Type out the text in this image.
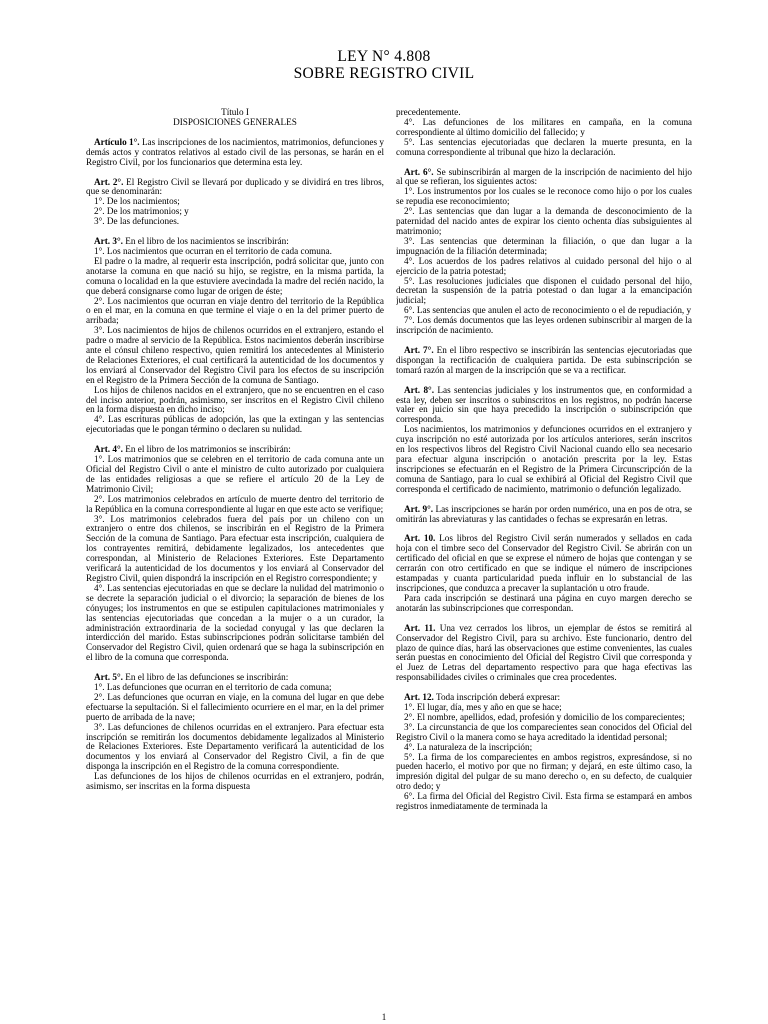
LEY N° 4.808
SOBRE REGISTRO CIVIL

Título I

DISPOSICIONES GENERALES

Artículo 1°. Las inscripciones de los nacimientos, matrimonios, defunciones y demás actos y contratos relativos al estado civil de las personas, se harán en el Registro Civil, por los funcionarios que determina esta ley.

Art. 2°. El Registro Civil se llevará por duplicado y se dividirá en tres libros, que se denominarán:

1°. De los nacimientos;

2°. De los matrimonios; y

3°. De las defunciones.

Art. 3°. En el libro de los nacimientos se inscribirán:

1°. Los nacimientos que ocurran en el territorio de cada comuna.

El padre o la madre, al requerir esta inscripción, podrá solicitar que, junto con anotarse la comuna en que nació su hijo, se registre, en la misma partida, la comuna o localidad en la que estuviere avecindada la madre del recién nacido, la que deberá consignarse como lugar de origen de éste;

2°. Los nacimientos que ocurran en viaje dentro del territorio de la República o en el mar, en la comuna en que termine el viaje o en la del primer puerto de arribada;

3°. Los nacimientos de hijos de chilenos ocurridos en el extranjero, estando el padre o madre al servicio de la República. Estos nacimientos deberán inscribirse ante el cónsul chileno respectivo, quien remitirá los antecedentes al Ministerio de Relaciones Exteriores, el cual certificará la autenticidad de los documentos y los enviará al Conservador del Registro Civil para los efectos de su inscripción en el Registro de la Primera Sección de la comuna de Santiago.

Los hijos de chilenos nacidos en el extranjero, que no se encuentren en el caso del inciso anterior, podrán, asimismo, ser inscritos en el Registro Civil chileno en la forma dispuesta en dicho inciso;

4°. Las escrituras públicas de adopción, las que la extingan y las sentencias ejecutoriadas que le pongan término o declaren su nulidad.

Art. 4°. En el libro de los matrimonios se inscribirán:

1°. Los matrimonios que se celebren en el territorio de cada comuna ante un Oficial del Registro Civil o ante el ministro de culto autorizado por cualquiera de las entidades religiosas a que se refiere el artículo 20 de la Ley de Matrimonio Civil;

2°. Los matrimonios celebrados en artículo de muerte dentro del territorio de la República en la comuna correspondiente al lugar en que este acto se verifique;

3°. Los matrimonios celebrados fuera del país por un chileno con un extranjero o entre dos chilenos, se inscribirán en el Registro de la Primera Sección de la comuna de Santiago. Para efectuar esta inscripción, cualquiera de los contrayentes remitirá, debidamente legalizados, los antecedentes que correspondan, al Ministerio de Relaciones Exteriores. Este Departamento verificará la autenticidad de los documentos y los enviará al Conservador del Registro Civil, quien dispondrá la inscripción en el Registro correspondiente; y

4°. Las sentencias ejecutoriadas en que se declare la nulidad del matrimonio o se decrete la separación judicial o el divorcio; la separación de bienes de los cónyuges; los instrumentos en que se estipulen capitulaciones matrimoniales y las sentencias ejecutoriadas que concedan a la mujer o a un curador, la administración extraordinaria de la sociedad conyugal y las que declaren la interdicción del marido. Estas subinscripciones podrán solicitarse también del Conservador del Registro Civil, quien ordenará que se haga la subinscripción en el libro de la comuna que corresponda.

Art. 5°. En el libro de las defunciones se inscribirán:

1°. Las defunciones que ocurran en el territorio de cada comuna;

2°. Las defunciones que ocurran en viaje, en la comuna del lugar en que debe efectuarse la sepultación. Si el fallecimiento ocurriere en el mar, en la del primer puerto de arribada de la nave;

3°. Las defunciones de chilenos ocurridas en el extranjero. Para efectuar esta inscripción se remitirán los documentos debidamente legalizados al Ministerio de Relaciones Exteriores. Este Departamento verificará la autenticidad de los documentos y los enviará al Conservador del Registro Civil, a fin de que disponga la inscripción en el Registro de la comuna correspondiente.

Las defunciones de los hijos de chilenos ocurridas en el extranjero, podrán, asimismo, ser inscritas en la forma dispuesta

precedentemente.

4°. Las defunciones de los militares en campaña, en la comuna correspondiente al último domicilio del fallecido; y

5°. Las sentencias ejecutoriadas que declaren la muerte presunta, en la comuna correspondiente al tribunal que hizo la declaración.

Art. 6°. Se subinscribirán al margen de la inscripción de nacimiento del hijo al que se refieran, los siguientes actos:

1°. Los instrumentos por los cuales se le reconoce como hijo o por los cuales se repudia ese reconocimiento;

2°. Las sentencias que dan lugar a la demanda de desconocimiento de la paternidad del nacido antes de expirar los ciento ochenta días subsiguientes al matrimonio;

3°. Las sentencias que determinan la filiación, o que dan lugar a la impugnación de la filiación determinada;

4°. Los acuerdos de los padres relativos al cuidado personal del hijo o al ejercicio de la patria potestad;

5°. Las resoluciones judiciales que disponen el cuidado personal del hijo, decretan la suspensión de la patria potestad o dan lugar a la emancipación judicial;

6°. Las sentencias que anulen el acto de reconocimiento o el de repudiación, y

7°. Los demás documentos que las leyes ordenen subinscribir al margen de la inscripción de nacimiento.

Art. 7°. En el libro respectivo se inscribirán las sentencias ejecutoriadas que dispongan la rectificación de cualquiera partida. De esta subinscripción se tomará razón al margen de la inscripción que se va a rectificar.

Art. 8°. Las sentencias judiciales y los instrumentos que, en conformidad a esta ley, deben ser inscritos o subinscritos en los registros, no podrán hacerse valer en juicio sin que haya precedido la inscripción o subinscripción que corresponda.

Los nacimientos, los matrimonios y defunciones ocurridos en el extranjero y cuya inscripción no esté autorizada por los artículos anteriores, serán inscritos en los respectivos libros del Registro Civil Nacional cuando ello sea necesario para efectuar alguna inscripción o anotación prescrita por la ley. Estas inscripciones se efectuarán en el Registro de la Primera Circunscripción de la comuna de Santiago, para lo cual se exhibirá al Oficial del Registro Civil que corresponda el certificado de nacimiento, matrimonio o defunción legalizado.

Art. 9°. Las inscripciones se harán por orden numérico, una en pos de otra, se omitirán las abreviaturas y las cantidades o fechas se expresarán en letras.

Art. 10. Los libros del Registro Civil serán numerados y sellados en cada hoja con el timbre seco del Conservador del Registro Civil. Se abrirán con un certificado del oficial en que se exprese el número de hojas que contengan y se cerrarán con otro certificado en que se indique el número de inscripciones estampadas y cuanta particularidad pueda influir en lo substancial de las inscripciones, que conduzca a precaver la suplantación u otro fraude.

Para cada inscripción se destinará una página en cuyo margen derecho se anotarán las subinscripciones que correspondan.

Art. 11. Una vez cerrados los libros, un ejemplar de éstos se remitirá al Conservador del Registro Civil, para su archivo. Este funcionario, dentro del plazo de quince días, hará las observaciones que estime convenientes, las cuales serán puestas en conocimiento del Oficial del Registro Civil que corresponda y el Juez de Letras del departamento respectivo para que haga efectivas las responsabilidades civiles o criminales que crea procedentes.

Art. 12. Toda inscripción deberá expresar:

1°. El lugar, día, mes y año en que se hace;

2°. El nombre, apellidos, edad, profesión y domicilio de los comparecientes;

3°. La circunstancia de que los comparecientes sean conocidos del Oficial del Registro Civil o la manera como se haya acreditado la identidad personal;

4°. La naturaleza de la inscripción;

5°. La firma de los comparecientes en ambos registros, expresándose, si no pueden hacerlo, el motivo por que no firman; y dejará, en este último caso, la impresión digital del pulgar de su mano derecho o, en su defecto, de cualquier otro dedo; y

6°. La firma del Oficial del Registro Civil. Esta firma se estampará en ambos registros inmediatamente de terminada la

1
